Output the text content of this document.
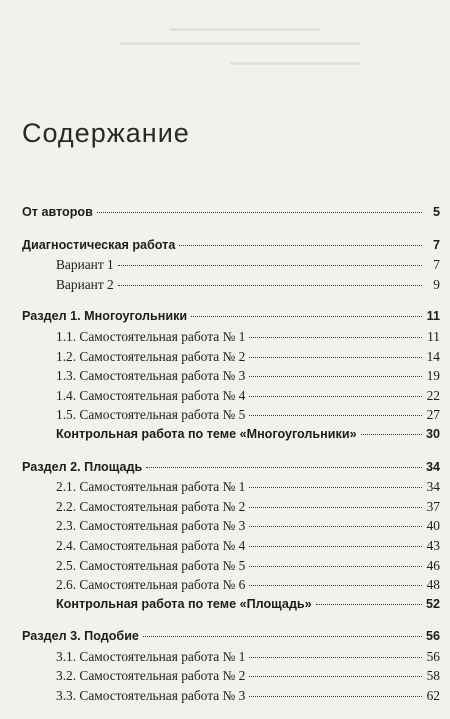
Содержание
От авторов	5
Диагностическая работа	7
Вариант 1	7
Вариант 2	9
Раздел 1. Многоугольники	11
1.1. Самостоятельная работа № 1	11
1.2. Самостоятельная работа № 2	14
1.3. Самостоятельная работа № 3	19
1.4. Самостоятельная работа № 4	22
1.5. Самостоятельная работа № 5	27
Контрольная работа по теме «Многоугольники»	30
Раздел 2. Площадь	34
2.1. Самостоятельная работа № 1	34
2.2. Самостоятельная работа № 2	37
2.3. Самостоятельная работа № 3	40
2.4. Самостоятельная работа № 4	43
2.5. Самостоятельная работа № 5	46
2.6. Самостоятельная работа № 6	48
Контрольная работа по теме «Площадь»	52
Раздел 3. Подобие	56
3.1. Самостоятельная работа № 1	56
3.2. Самостоятельная работа № 2	58
3.3. Самостоятельная работа № 3	62
